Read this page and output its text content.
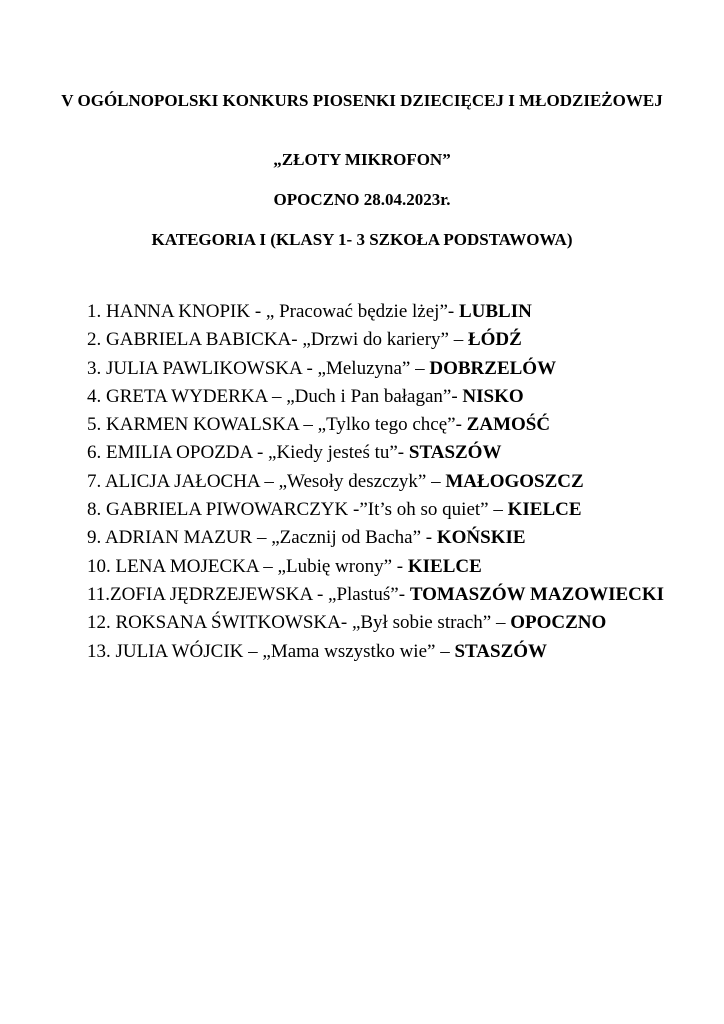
V OGÓLNOPOLSKI KONKURS PIOSENKI DZIECIĘCEJ I MŁODZIEŻOWEJ
„ZŁOTY MIKROFON”
OPOCZNO 28.04.2023r.
KATEGORIA I (KLASY 1- 3 SZKOŁA PODSTAWOWA)
1. HANNA KNOPIK - „ Pracować będzie lżej”- LUBLIN
2. GABRIELA BABICKA- „Drzwi do kariery” – ŁÓDŹ
3. JULIA PAWLIKOWSKA - „Meluzyna” – DOBRZELÓW
4. GRETA WYDERKA – „Duch i Pan bałagan”- NISKO
5. KARMEN KOWALSKA – „Tylko tego chcę”- ZAMOŚĆ
6. EMILIA OPOZDA - „Kiedy jesteś tu”- STASZÓW
7. ALICJA JAŁOCHA – „Wesoły deszczyk” – MAŁOGOSZCZ
8. GABRIELA PIWOWARCZYK -”It’s oh so quiet” – KIELCE
9. ADRIAN MAZUR – „Zacznij od Bacha” - KOŃSKIE
10. LENA MOJECKA – „Lubię wrony” - KIELCE
11.ZOFIA JĘDRZEJEWSKA - „Plastuś”- TOMASZÓW MAZOWIECKI
12. ROKSANA ŚWITKOWSKA- „Był sobie strach” – OPOCZNO
13. JULIA WÓJCIK – „Mama wszystko wie” – STASZÓW
